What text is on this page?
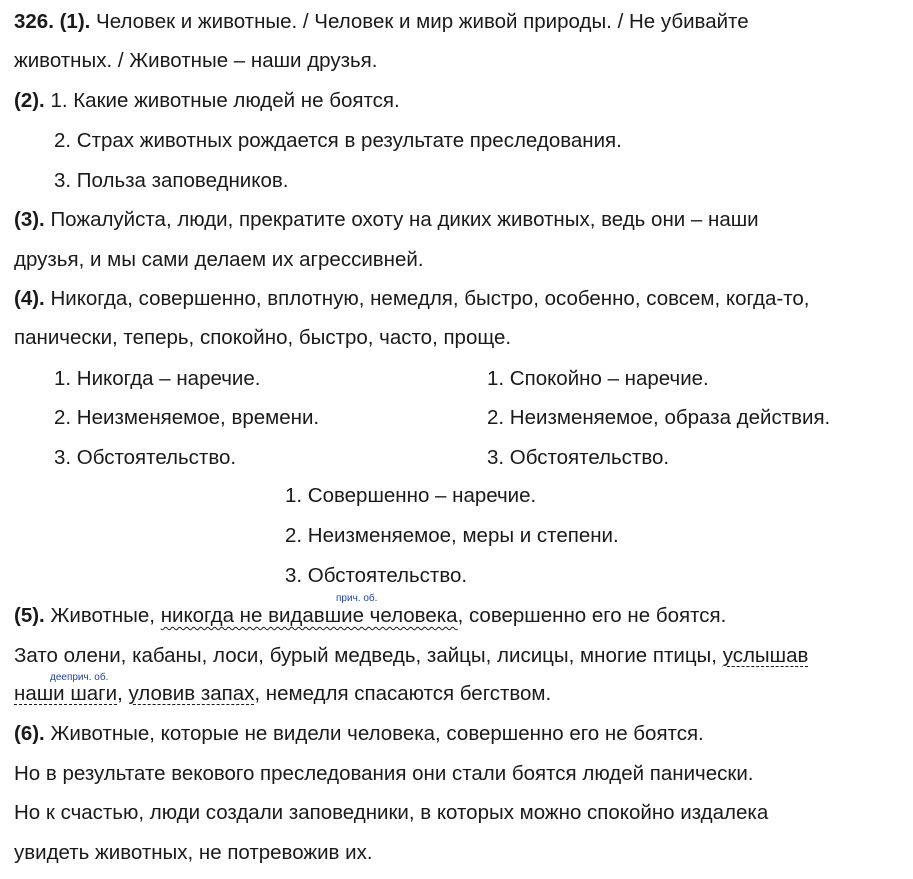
326. (1). Человек и животные. / Человек и мир живой природы. / Не убивайте
животных. / Животные – наши друзья.
(2). 1. Какие животные людей не боятся.
2. Страх животных рождается в результате преследования.
3. Польза заповедников.
(3). Пожалуйста, люди, прекратите охоту на диких животных, ведь они – наши
друзья, и мы сами делаем их агрессивней.
(4). Никогда, совершенно, вплотную, немедля, быстро, особенно, совсем, когда-то,
панически, теперь, спокойно, быстро, часто, проще.
1. Никогда – наречие.	1. Спокойно – наречие.
2. Неизменяемое, времени.	2. Неизменяемое, образа действия.
3. Обстоятельство.	3. Обстоятельство.
1. Совершенно – наречие.
2. Неизменяемое, меры и степени.
3. Обстоятельство.
прич. об.
(5). Животные, никогда не видавшие человека, совершенно его не боятся.
Зато олени, кабаны, лоси, бурый медведь, зайцы, лисицы, многие птицы, услышав
дееприч. об.
наши шаги, уловив запах, немедля спасаются бегством.
(6). Животные, которые не видели человека, совершенно его не боятся.
Но в результате векового преследования они стали боятся людей панически.
Но к счастью, люди создали заповедники, в которых можно спокойно издалека
увидеть животных, не потревожив их.
